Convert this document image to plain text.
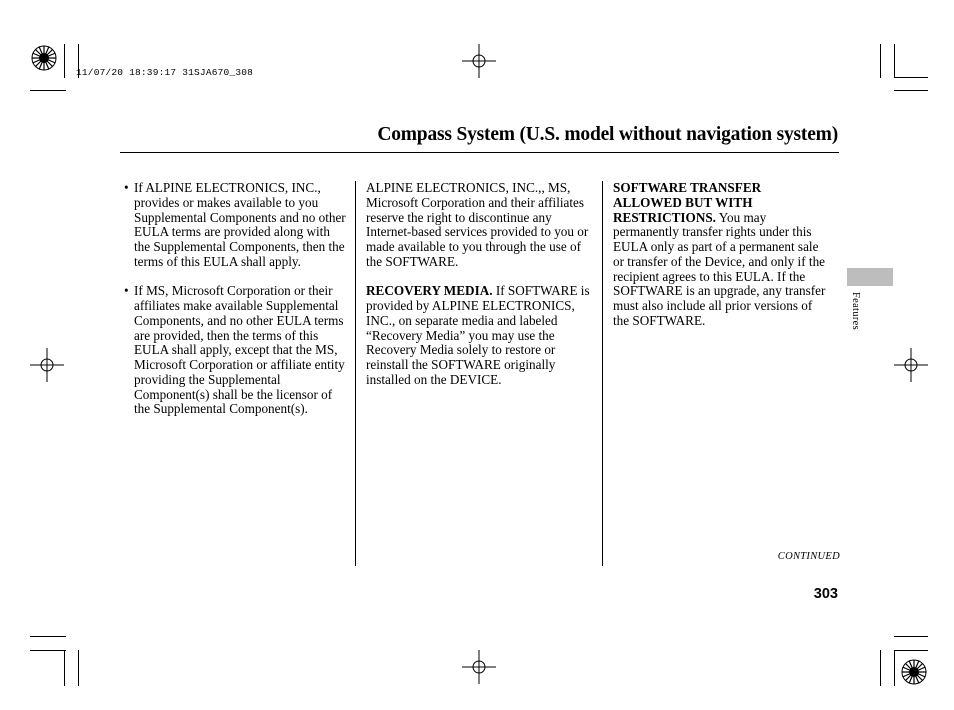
11/07/20 18:39:17 31SJA670_308
Compass System (U.S. model without navigation system)

• If ALPINE ELECTRONICS, INC., provides or makes available to you Supplemental Components and no other EULA terms are provided along with the Supplemental Components, then the terms of this EULA shall apply.

• If MS, Microsoft Corporation or their affiliates make available Supplemental Components, and no other EULA terms are provided, then the terms of this EULA shall apply, except that the MS, Microsoft Corporation or affiliate entity providing the Supplemental Component(s) shall be the licensor of the Supplemental Component(s).

ALPINE ELECTRONICS, INC.,, MS, Microsoft Corporation and their affiliates reserve the right to discontinue any Internet-based services provided to you or made available to you through the use of the SOFTWARE.

RECOVERY MEDIA. If SOFTWARE is provided by ALPINE ELECTRONICS, INC., on separate media and labeled “Recovery Media” you may use the Recovery Media solely to restore or reinstall the SOFTWARE originally installed on the DEVICE.

SOFTWARE TRANSFER ALLOWED BUT WITH RESTRICTIONS. You may permanently transfer rights under this EULA only as part of a permanent sale or transfer of the Device, and only if the recipient agrees to this EULA. If the SOFTWARE is an upgrade, any transfer must also include all prior versions of the SOFTWARE.	Features
CONTINUED
303
